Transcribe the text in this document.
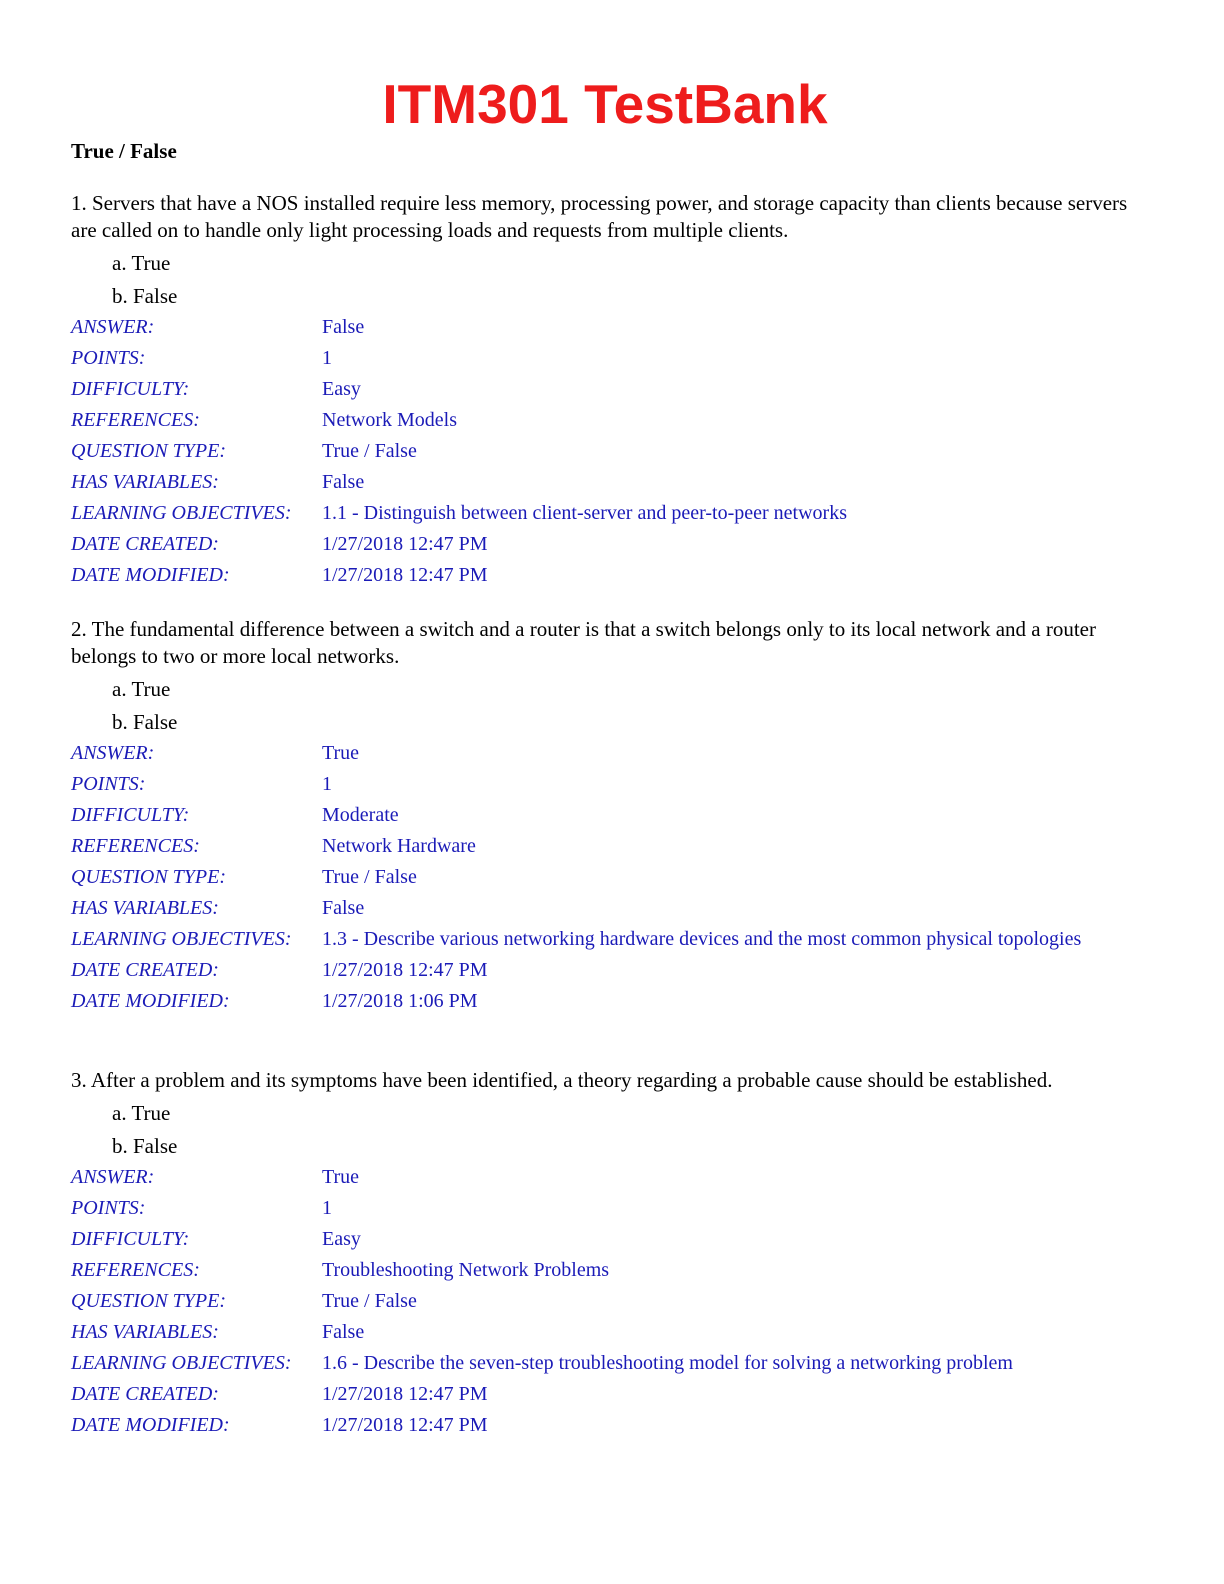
ITM301 TestBank
True / False

1. Servers that have a NOS installed require less memory, processing power, and storage capacity than clients because servers are called on to handle only light processing loads and requests from multiple clients.

a. True
b. False
ANSWER:	False
POINTS:	1
DIFFICULTY:	Easy
REFERENCES:	Network Models
QUESTION TYPE:	True / False
HAS VARIABLES:	False
LEARNING OBJECTIVES:	1.1 - Distinguish between client-server and peer-to-peer networks
DATE CREATED:	1/27/2018 12:47 PM
DATE MODIFIED:	1/27/2018 12:47 PM

2. The fundamental difference between a switch and a router is that a switch belongs only to its local network and a router belongs to two or more local networks.

a. True
b. False
ANSWER:	True
POINTS:	1
DIFFICULTY:	Moderate
REFERENCES:	Network Hardware
QUESTION TYPE:	True / False
HAS VARIABLES:	False
LEARNING OBJECTIVES:	1.3 - Describe various networking hardware devices and the most common physical topologies
DATE CREATED:	1/27/2018 12:47 PM
DATE MODIFIED:	1/27/2018 1:06 PM

3. After a problem and its symptoms have been identified, a theory regarding a probable cause should be established.

a. True
b. False
ANSWER:	True
POINTS:	1
DIFFICULTY:	Easy
REFERENCES:	Troubleshooting Network Problems
QUESTION TYPE:	True / False
HAS VARIABLES:	False
LEARNING OBJECTIVES:	1.6 - Describe the seven-step troubleshooting model for solving a networking problem
DATE CREATED:	1/27/2018 12:47 PM
DATE MODIFIED:	1/27/2018 12:47 PM
